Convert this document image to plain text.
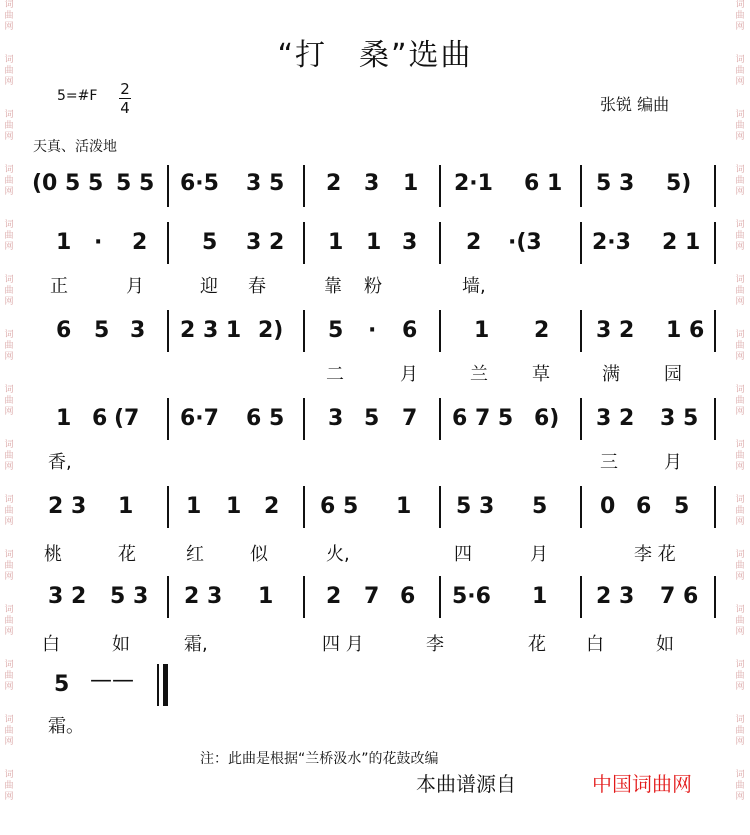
词
曲
网
词
曲
网
词
曲
网
词
曲
网
词
曲
网
词
曲
网
词
曲
网
词
曲
网
词
曲
网
词
曲
网
词
曲
网
词
曲
网
词
曲
网
词
曲
网
词
曲
网
词
曲
网
词
曲
网
词
曲
网
词
曲
网
词
曲
网
词
曲
网
词
曲
网
词
曲
网
词
曲
网
词
曲
网
词
曲
网
词
曲
网
词
曲
网
词
曲
网
词
曲
网
“打　桑”选曲
5=#F 2
4	张锐 编曲
天真、活泼地
(0 5 5 5 5 6·5 3 5 2 3 1 2·1 6 1 5 3 5)
1 · 2 5 3 2 1 1 3 2 ·(3 2·3 2 1
正	月	迎 春	靠 粉	墙,
6 5 3 2 3 1 2) 5 · 6	1 2 3 2 1 6
二	月	兰 草	满 园
1 6 (7 6·7 6 5 3 5 7 6 7 5 6) 3 2 3 5
香,	三	月
2 3 1 1 1 2 6 5 1 5 3 5 0 6 5
桃	花	红	似	火,	四	月	李 花
3 2 5 3 2 3 1 2 7 6 5·6 1 2 3 7 6
白	如	霜,	四 月	李	花 白	如
5 ——
霜。
注：此曲是根据“兰桥汲水”的花鼓改编
本曲谱源自	中国词曲网
